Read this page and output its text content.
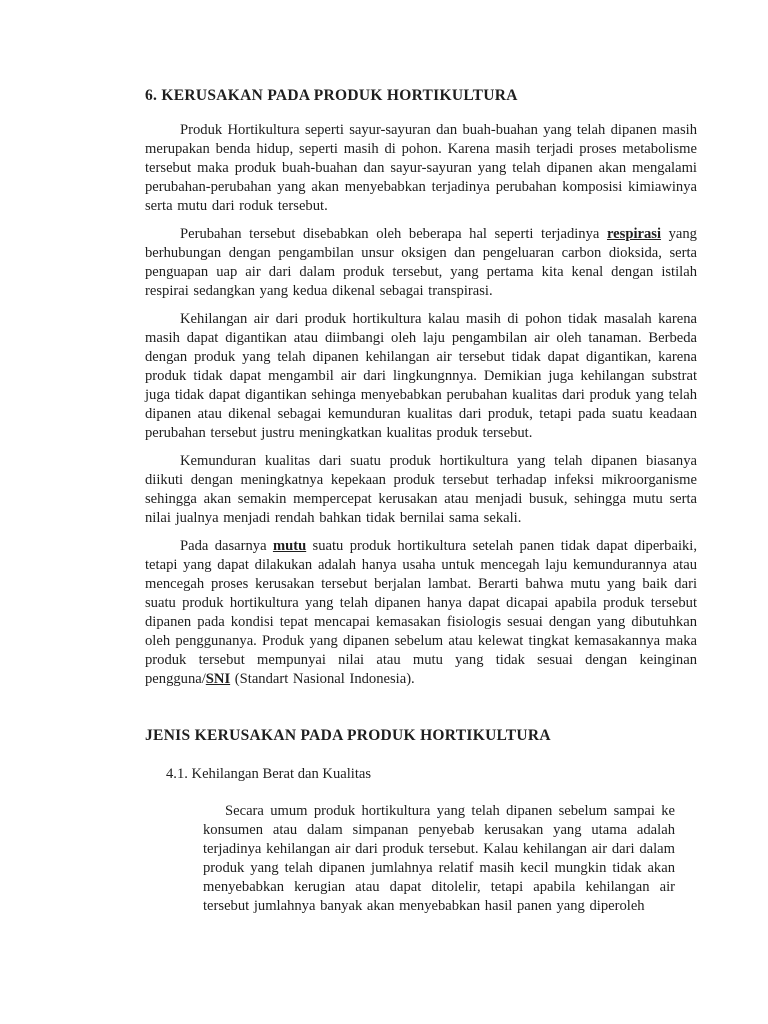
6. KERUSAKAN PADA PRODUK HORTIKULTURA

Produk Hortikultura seperti sayur-sayuran dan buah-buahan yang telah dipanen masih merupakan benda hidup, seperti masih di pohon. Karena masih terjadi proses metabolisme tersebut maka produk buah-buahan dan sayur-sayuran yang telah dipanen akan mengalami perubahan-perubahan yang akan menyebabkan terjadinya perubahan komposisi kimiawinya serta mutu dari roduk tersebut.

Perubahan tersebut disebabkan oleh beberapa hal seperti terjadinya respirasi yang berhubungan dengan pengambilan unsur oksigen dan pengeluaran carbon dioksida, serta penguapan uap air dari dalam produk tersebut, yang pertama kita kenal dengan istilah respirai sedangkan yang kedua dikenal sebagai transpirasi.

Kehilangan air dari produk hortikultura kalau masih di pohon tidak masalah karena masih dapat digantikan atau diimbangi oleh laju pengambilan air oleh tanaman. Berbeda dengan produk yang telah dipanen kehilangan air tersebut tidak dapat digantikan, karena produk tidak dapat mengambil air dari lingkungnnya. Demikian juga kehilangan substrat juga tidak dapat digantikan sehinga menyebabkan perubahan kualitas dari produk yang telah dipanen atau dikenal sebagai kemunduran kualitas dari produk, tetapi pada suatu keadaan perubahan tersebut justru meningkatkan kualitas produk tersebut.

Kemunduran kualitas dari suatu produk hortikultura yang telah dipanen biasanya diikuti dengan meningkatnya kepekaan produk tersebut terhadap infeksi mikroorganisme sehingga akan semakin mempercepat kerusakan atau menjadi busuk, sehingga mutu serta nilai jualnya menjadi rendah bahkan tidak bernilai sama sekali.

Pada dasarnya mutu suatu produk hortikultura setelah panen tidak dapat diperbaiki, tetapi yang dapat dilakukan adalah hanya usaha untuk mencegah laju kemundurannya atau mencegah proses kerusakan tersebut berjalan lambat. Berarti bahwa mutu yang baik dari suatu produk hortikultura yang telah dipanen hanya dapat dicapai apabila produk tersebut dipanen pada kondisi tepat mencapai kemasakan fisiologis sesuai dengan yang dibutuhkan oleh penggunanya. Produk yang dipanen sebelum atau kelewat tingkat kemasakannya maka produk tersebut mempunyai nilai atau mutu yang tidak sesuai dengan keinginan pengguna/SNI (Standart Nasional Indonesia).

JENIS KERUSAKAN PADA PRODUK HORTIKULTURA
4.1. Kehilangan Berat dan Kualitas

Secara umum produk hortikultura yang telah dipanen sebelum sampai ke konsumen atau dalam simpanan penyebab kerusakan yang utama adalah terjadinya kehilangan air dari produk tersebut. Kalau kehilangan air dari dalam produk yang telah dipanen jumlahnya relatif masih kecil mungkin tidak akan menyebabkan kerugian atau dapat ditolelir, tetapi apabila kehilangan air tersebut jumlahnya banyak akan menyebabkan hasil panen yang diperoleh
